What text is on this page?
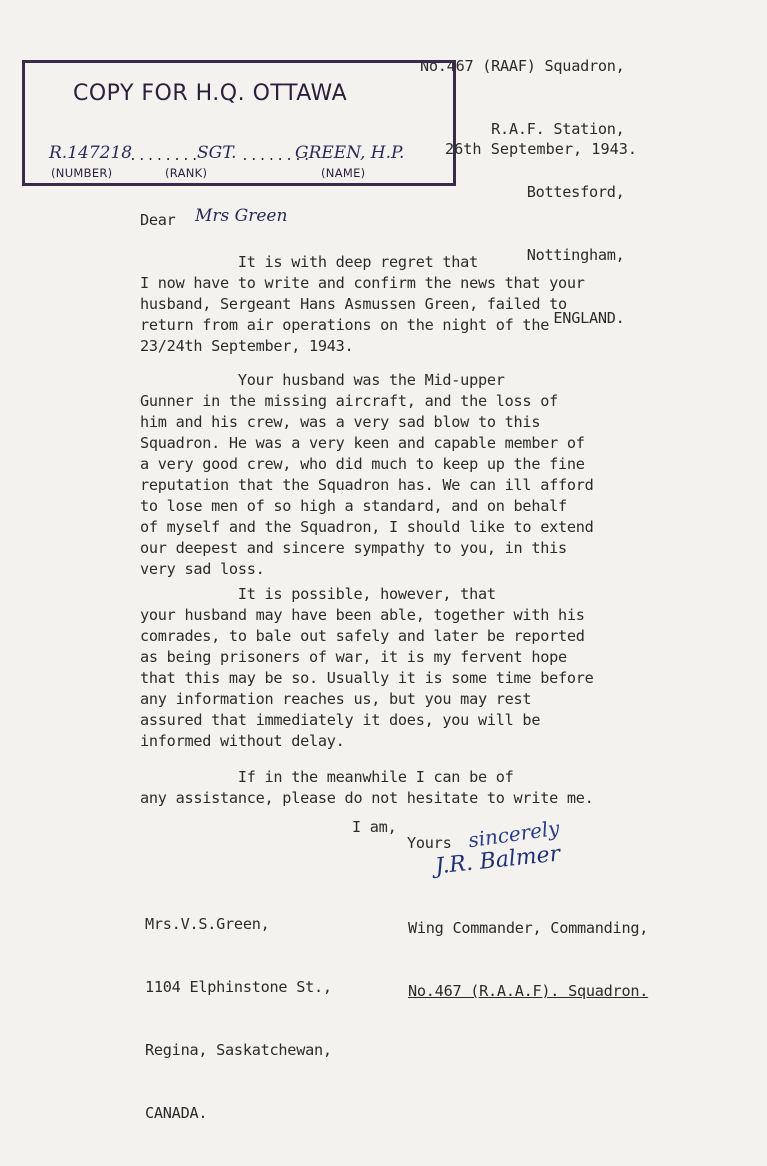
No.467 (RAAF) Squadron,

R.A.F. Station,

Bottesford,

Nottingham,

ENGLAND.

COPY FOR H.Q. OTTAWA
R.147218
........
SGT. ........
GREEN, H.P.
(NUMBER)	(RANK)	(NAME)
26th September, 1943.
Dear Mrs Green
It is with deep regret that
I now have to write and confirm the news that your
husband, Sergeant Hans Asmussen Green, failed to
return from air operations on the night of the
23/24th September, 1943.
Your husband was the Mid-upper
Gunner in the missing aircraft, and the loss of
him and his crew, was a very sad blow to this
Squadron. He was a very keen and capable member of
a very good crew, who did much to keep up the fine
reputation that the Squadron has. We can ill afford
to lose men of so high a standard, and on behalf
of myself and the Squadron, I should like to extend
our deepest and sincere sympathy to you, in this
very sad loss.
It is possible, however, that
your husband may have been able, together with his
comrades, to bale out safely and later be reported
as being prisoners of war, it is my fervent hope
that this may be so. Usually it is some time before
any information reaches us, but you may rest
assured that immediately it does, you will be
informed without delay.
If in the meanwhile I can be of
any assistance, please do not hesitate to write me.
I am,
Yours sincerely
J.R. Balmer

Mrs.V.S.Green,

1104 Elphinstone St.,

Regina, Saskatchewan,

CANADA.

Wing Commander, Commanding,

No.467 (R.A.A.F). Squadron.
